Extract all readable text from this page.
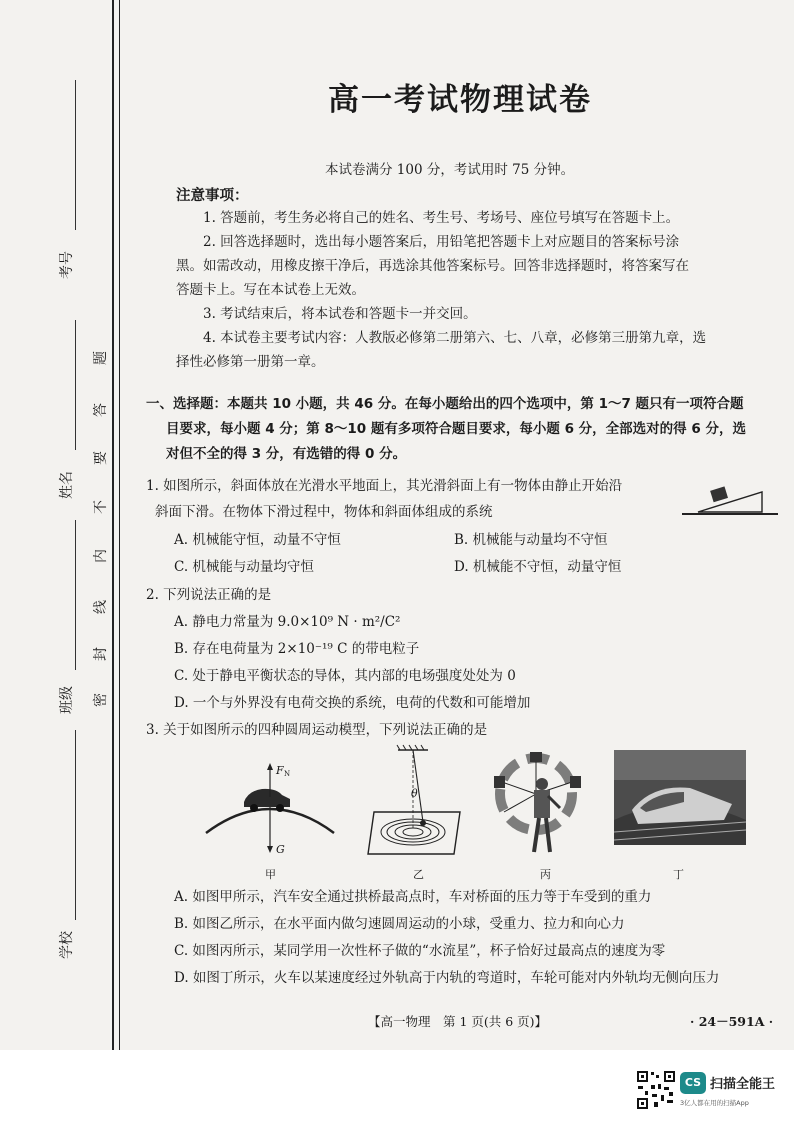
考号
姓名
班级
学校
题
答
要
不
内
线
封
密
高一考试物理试卷
本试卷满分 100 分，考试用时 75 分钟。
注意事项：
1. 答题前，考生务必将自己的姓名、考生号、考场号、座位号填写在答题卡上。
2. 回答选择题时，选出每小题答案后，用铅笔把答题卡上对应题目的答案标号涂
黑。如需改动，用橡皮擦干净后，再选涂其他答案标号。回答非选择题时，将答案写在
答题卡上。写在本试卷上无效。
3. 考试结束后，将本试卷和答题卡一并交回。
4. 本试卷主要考试内容：人教版必修第二册第六、七、八章，必修第三册第九章，选
择性必修第一册第一章。
一、选择题：本题共 10 小题，共 46 分。在每小题给出的四个选项中，第 1～7 题只有一项符合题
目要求，每小题 4 分；第 8～10 题有多项符合题目要求，每小题 6 分，全部选对的得 6 分，选
对但不全的得 3 分，有选错的得 0 分。
1. 如图所示，斜面体放在光滑水平地面上，其光滑斜面上有一物体由静止开始沿
斜面下滑。在物体下滑过程中，物体和斜面体组成的系统
A. 机械能守恒，动量不守恒	B. 机械能与动量均不守恒
C. 机械能与动量均守恒	D. 机械能不守恒，动量守恒
2. 下列说法正确的是
A. 静电力常量为 9.0×10⁹ N · m²/C²
B. 存在电荷量为 2×10⁻¹⁹ C 的带电粒子
C. 处于静电平衡状态的导体，其内部的电场强度处处为 0
D. 一个与外界没有电荷交换的系统，电荷的代数和可能增加
3. 关于如图所示的四种圆周运动模型，下列说法正确的是
F N
G
θ
甲	乙	丙	丁
A. 如图甲所示，汽车安全通过拱桥最高点时，车对桥面的压力等于车受到的重力
B. 如图乙所示，在水平面内做匀速圆周运动的小球，受重力、拉力和向心力
C. 如图丙所示，某同学用一次性杯子做的“水流星”，杯子恰好过最高点的速度为零
D. 如图丁所示，火车以某速度经过外轨高于内轨的弯道时，车轮可能对内外轨均无侧向压力
【高一物理　第 1 页(共 6 页)】	· 24－591A ·
CS 扫描全能王
3亿人都在用的扫描App
